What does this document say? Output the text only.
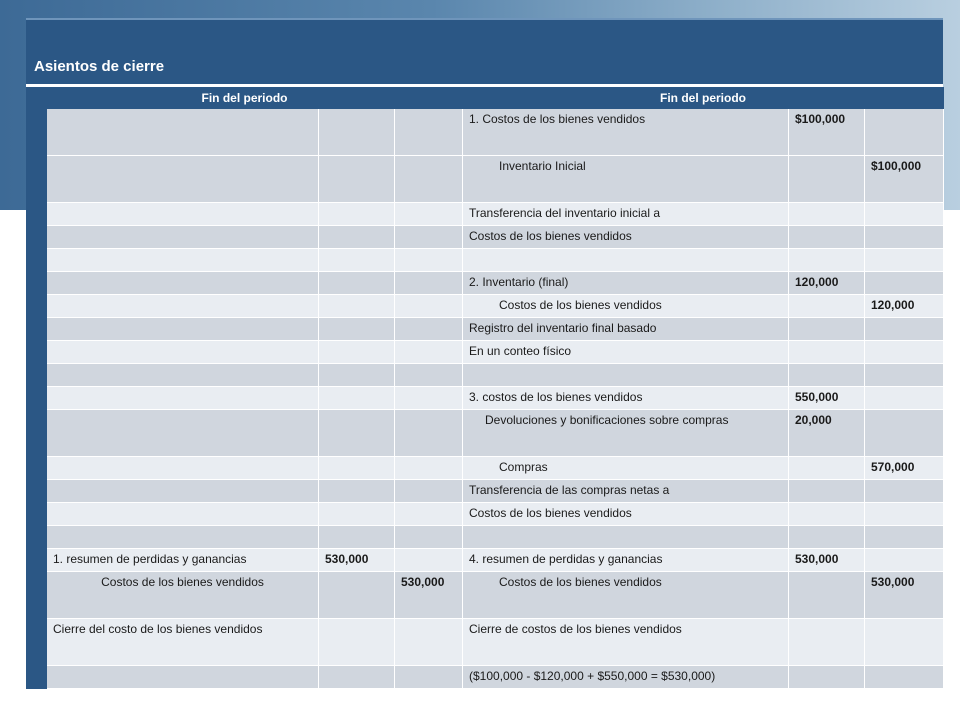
Asientos de cierre
Fin del periodo				Fin del periodo		
				1. Costos de los bienes vendidos	$100,000	
				Inventario Inicial		$100,000
				Transferencia del inventario inicial a		
				Costos de los bienes vendidos		

				2. Inventario (final)	120,000	
				Costos de los bienes vendidos		120,000
				Registro del inventario final basado		
				En un conteo físico		

				3. costos de los bienes vendidos	550,000	
				Devoluciones y bonificaciones sobre compras	20,000	
				Compras		570,000
				Transferencia de las compras netas a		
				Costos de los bienes vendidos		

	1. resumen de perdidas y ganancias	530,000		4. resumen de perdidas y ganancias	530,000	
	Costos de los bienes vendidos		530,000	Costos de los bienes vendidos		530,000
	Cierre del costo de los bienes vendidos			Cierre de costos de los bienes vendidos		
				($100,000 - $120,000 + $550,000 = $530,000)		
